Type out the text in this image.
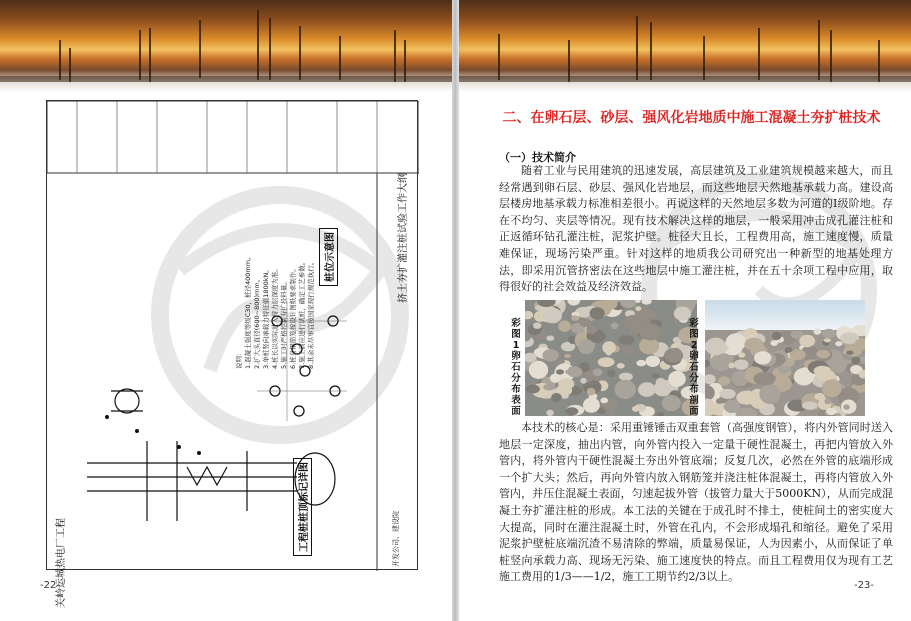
挤土夯扩灌注桩试验工作大纲
关岭运城热电厂工程	开发公司、建设院
桩位示意图
工程桩桩顶标记详图

说明： 1.混凝土强度等级C30，桩径400mm。 2.扩大头直径(600~800)mm。 3.单桩竖向承载力特征值1800kN。 4.桩长以实际进入持力层深度为准。 5.施工时严格控制夯扩投料量。 6.桩身钢筋笼按设计图纸要求制作。 7.施工前应进行试桩，确定工艺参数。 8.其余未尽事宜按国家现行规范执行。

-22-
二、在卵石层、砂层、强风化岩地质中施工混凝土夯扩桩技术
（一）技术简介
随着工业与民用建筑的迅速发展，高层建筑及工业建筑规模越来越大，而且经常遇到卵石层、砂层、强风化岩地层，而这些地层天然地基承载力高。建设高层楼房地基承载力标准相差很小。再说这样的天然地层多数为河道的Ⅰ级阶地。存在不均匀、夹层等情况。现有技术解决这样的地层，一般采用冲击成孔灌注桩和正返循环钻孔灌注桩，泥浆护壁。桩径大且长，工程费用高，施工速度慢，质量难保证，现场污染严重。针对这样的地质我公司研究出一种新型的地基处理方法，即采用沉管挤密法在这些地层中施工灌注桩，并在五十余项工程中应用，取得很好的社会效益及经济效益。
彩图1 卵石分布表面
彩图2 卵石分布剖面
本技术的核心是：采用重锤锤击双重套管（高强度钢管），将内外管同时送入地层一定深度，抽出内管，向外管内投入一定量干硬性混凝土，再把内管放入外管内，将外管内干硬性混凝土夯出外管底端；反复几次，必然在外管的底端形成一个扩大头；然后，再向外管内放入钢筋笼并浇注桩体混凝土，再将内管放入外管内，并压住混凝土表面，匀速起拔外管（拔管力量大于5000KN），从而完成混凝土夯扩灌注桩的形成。本工法的关键在于成孔时不排土，使桩间土的密实度大大提高，同时在灌注混凝土时，外管在孔内，不会形成塌孔和缩径。避免了采用泥浆护壁桩底端沉渣不易清除的弊端，质量易保证，人为因素小，从而保证了单桩竖向承载力高、现场无污染、施工速度快的特点。而且工程费用仅为现有工艺施工费用的1/3——1/2，施工工期节约2/3以上。
-23-
